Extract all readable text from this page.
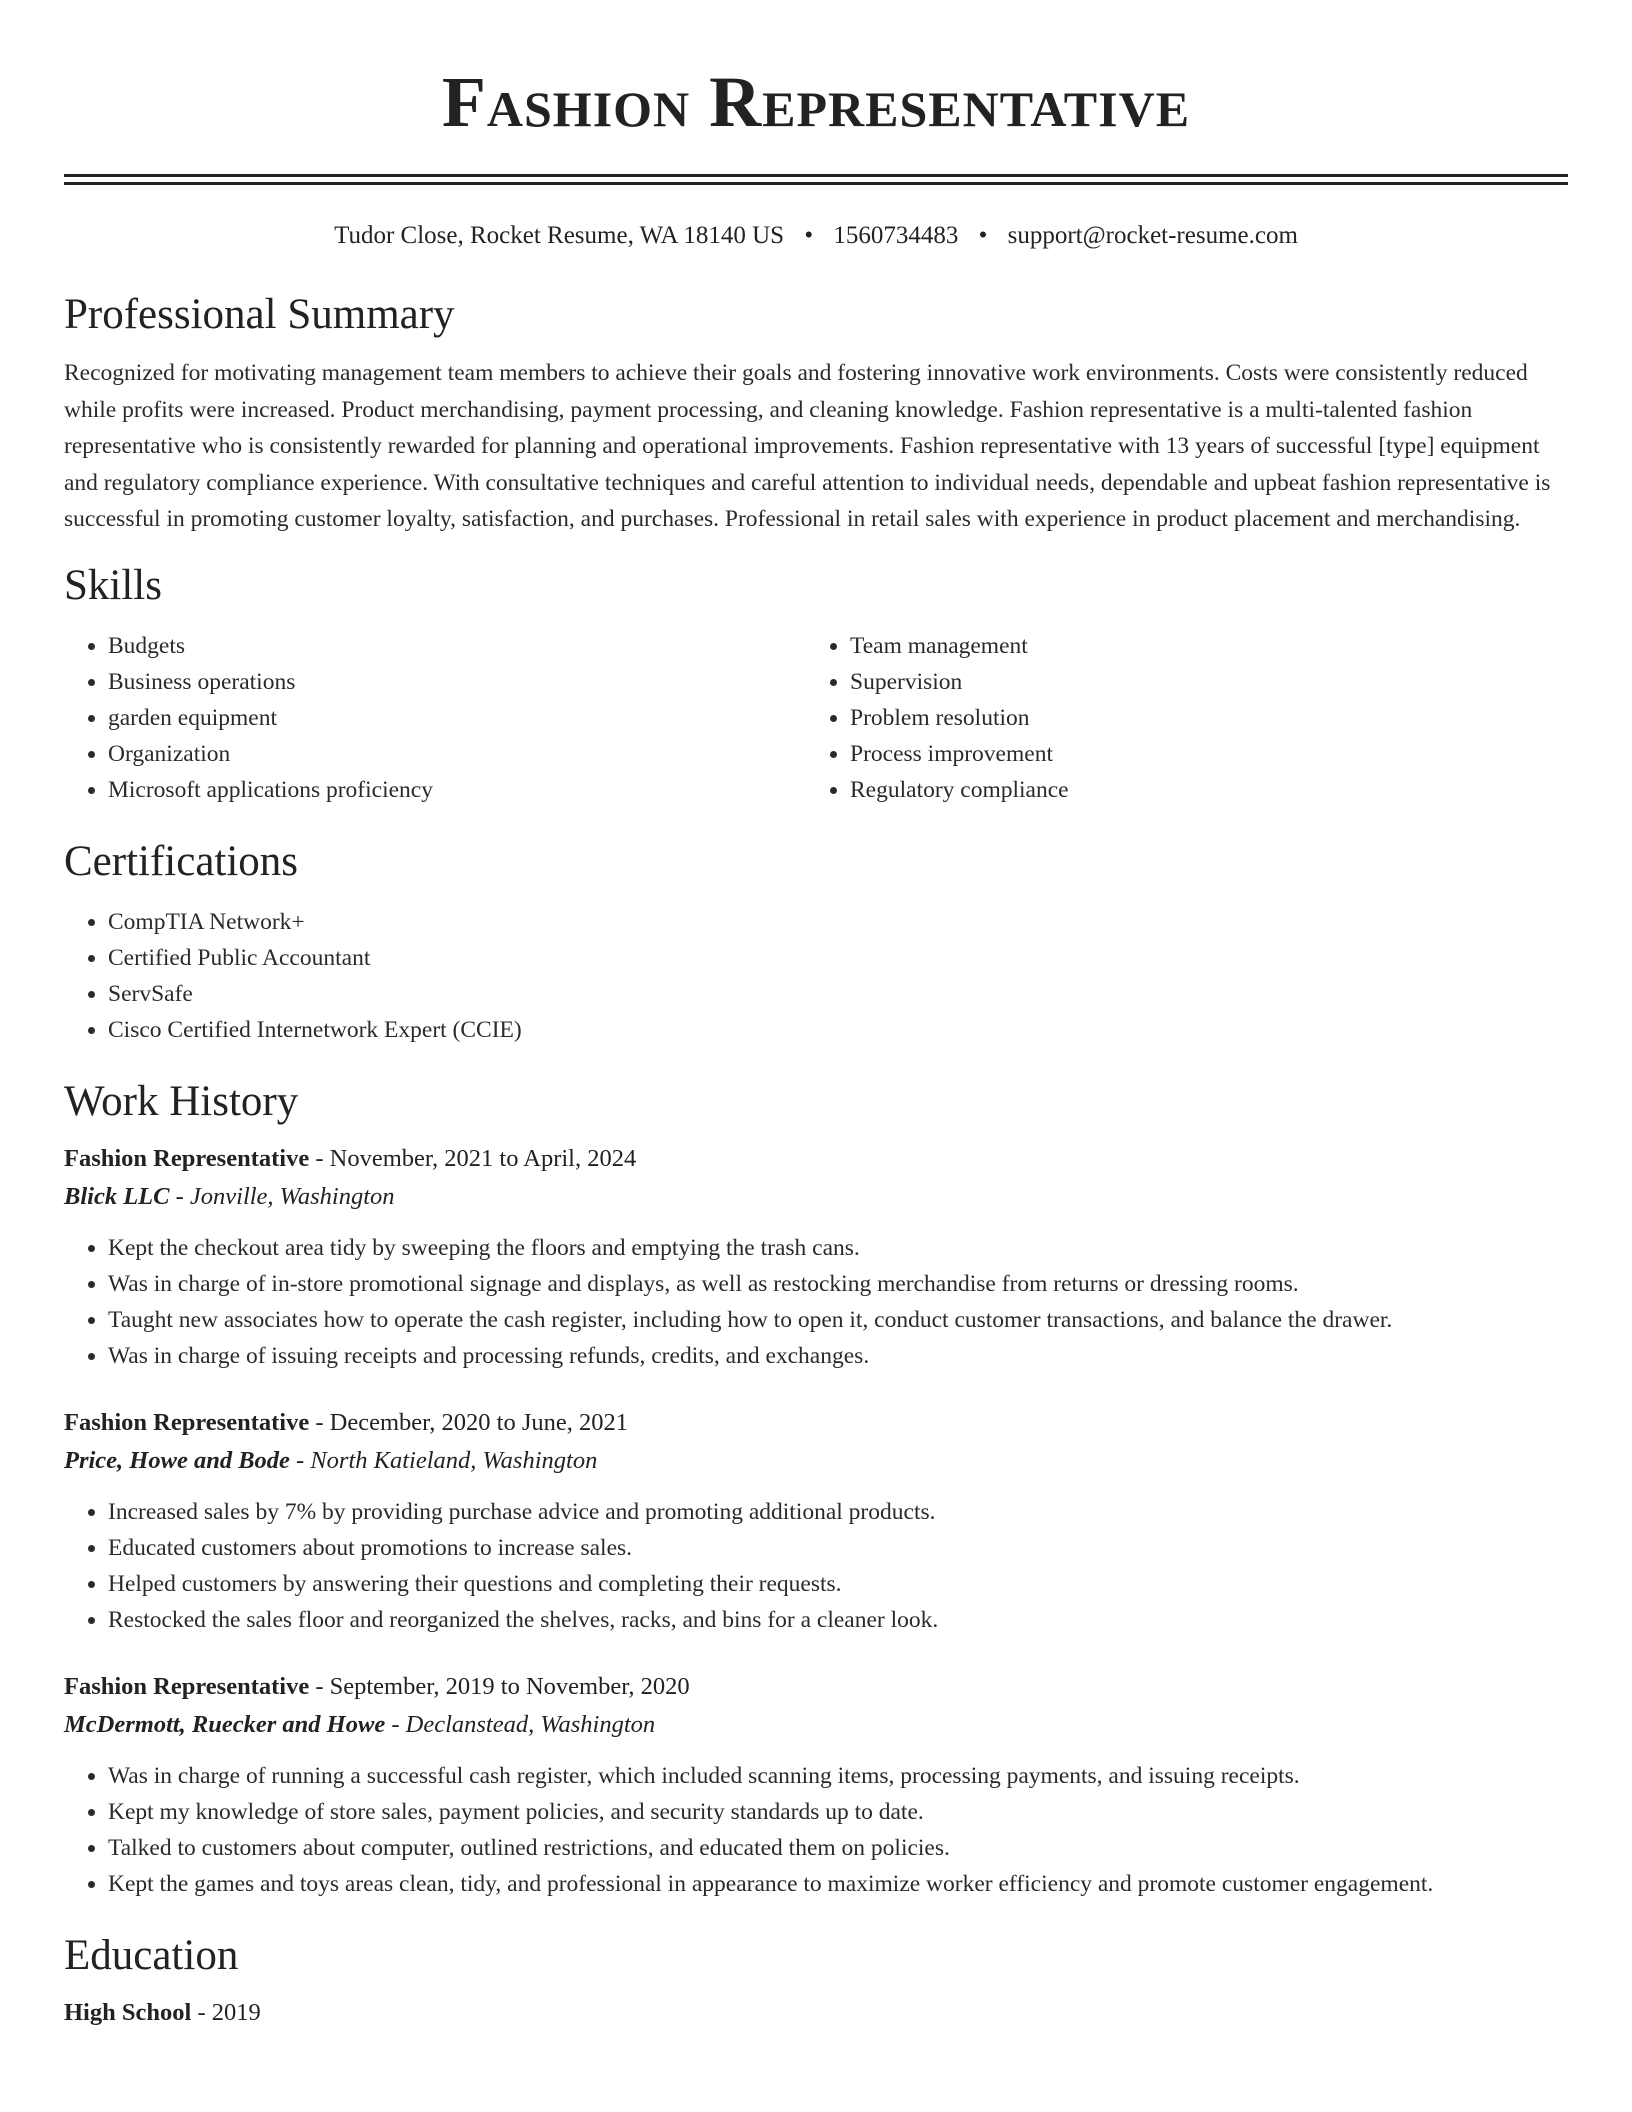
Fashion Representative
Tudor Close, Rocket Resume, WA 18140 US • 1560734483 • support@rocket-resume.com
Professional Summary

Recognized for motivating management team members to achieve their goals and fostering innovative work environments. Costs were consistently reduced while profits were increased. Product merchandising, payment processing, and cleaning knowledge. Fashion representative is a multi-talented fashion representative who is consistently rewarded for planning and operational improvements. Fashion representative with 13 years of successful [type] equipment and regulatory compliance experience. With consultative techniques and careful attention to individual needs, dependable and upbeat fashion representative is successful in promoting customer loyalty, satisfaction, and purchases. Professional in retail sales with experience in product placement and merchandising.

Skills
• Budgets
• Business operations
• garden equipment
• Organization
• Microsoft applications proficiency
• Team management
• Supervision
• Problem resolution
• Process improvement
• Regulatory compliance
Certifications
• CompTIA Network+
• Certified Public Accountant
• ServSafe
• Cisco Certified Internetwork Expert (CCIE)
Work History
Fashion Representative - November, 2021 to April, 2024
Blick LLC - Jonville, Washington
• Kept the checkout area tidy by sweeping the floors and emptying the trash cans.
• Was in charge of in-store promotional signage and displays, as well as restocking merchandise from returns or dressing rooms.
• Taught new associates how to operate the cash register, including how to open it, conduct customer transactions, and balance the drawer.
• Was in charge of issuing receipts and processing refunds, credits, and exchanges.
Fashion Representative - December, 2020 to June, 2021
Price, Howe and Bode - North Katieland, Washington
• Increased sales by 7% by providing purchase advice and promoting additional products.
• Educated customers about promotions to increase sales.
• Helped customers by answering their questions and completing their requests.
• Restocked the sales floor and reorganized the shelves, racks, and bins for a cleaner look.
Fashion Representative - September, 2019 to November, 2020
McDermott, Ruecker and Howe - Declanstead, Washington
• Was in charge of running a successful cash register, which included scanning items, processing payments, and issuing receipts.
• Kept my knowledge of store sales, payment policies, and security standards up to date.
• Talked to customers about computer, outlined restrictions, and educated them on policies.
• Kept the games and toys areas clean, tidy, and professional in appearance to maximize worker efficiency and promote customer engagement.
Education
High School - 2019
